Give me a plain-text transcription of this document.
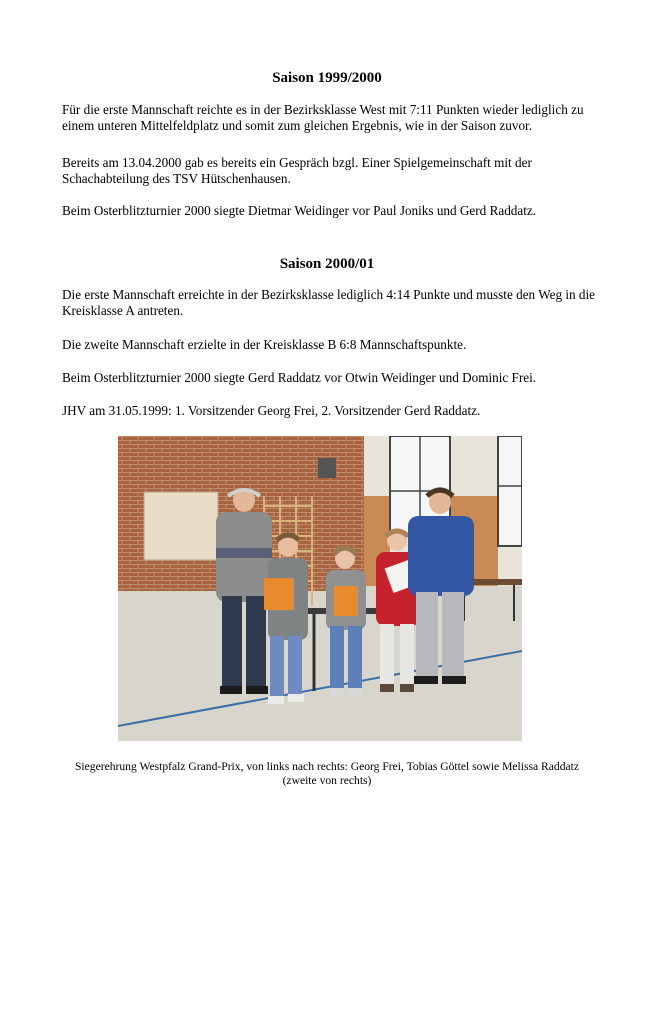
Saison 1999/2000

Für die erste Mannschaft reichte es in der Bezirksklasse West mit 7:11 Punkten wieder lediglich zu einem unteren Mittelfeldplatz und somit zum gleichen Ergebnis, wie in der Saison zuvor.

Bereits am 13.04.2000 gab es bereits ein Gespräch bzgl. Einer Spielgemeinschaft mit der Schachabteilung des TSV Hütschenhausen.

Beim Osterblitzturnier 2000 siegte Dietmar Weidinger vor Paul Joniks und Gerd Raddatz.

Saison 2000/01

Die erste Mannschaft erreichte in der Bezirksklasse lediglich 4:14 Punkte und musste den Weg in die Kreisklasse A antreten.

Die zweite Mannschaft erzielte in der Kreisklasse B 6:8 Mannschaftspunkte.

Beim Osterblitzturnier 2000 siegte Gerd Raddatz vor Otwin Weidinger und Dominic Frei.

JHV am 31.05.1999: 1. Vorsitzender Georg Frei, 2. Vorsitzender Gerd Raddatz.

Siegerehrung Westpfalz Grand-Prix, von links nach rechts: Georg Frei, Tobias Göttel sowie Melissa Raddatz
(zweite von rechts)
